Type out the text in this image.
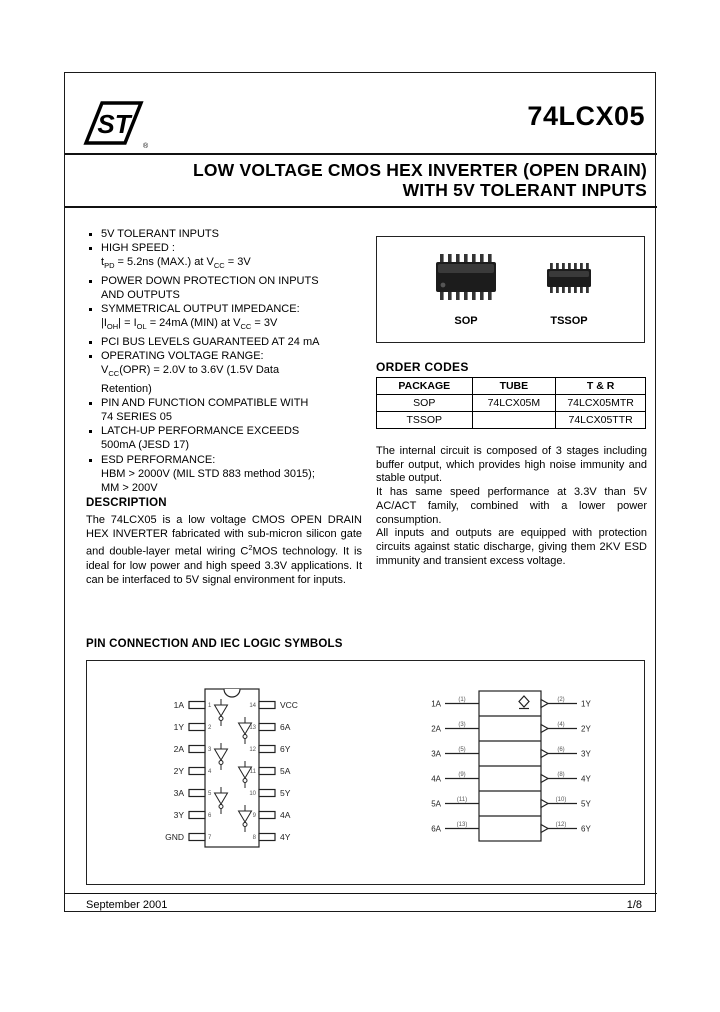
ST
®
74LCX05
LOW VOLTAGE CMOS HEX INVERTER (OPEN DRAIN)
WITH 5V TOLERANT INPUTS
5V TOLERANT INPUTS
HIGH SPEED :
$t_{PD} = 5.2ns$ (MAX.) at $V_{CC} = 3V$
POWER DOWN PROTECTION ON INPUTS
AND OUTPUTS
SYMMETRICAL OUTPUT IMPEDANCE:
$|I_{OH}| = I_{OL} = 24mA$ (MIN) at $V_{CC} = 3V$
PCI BUS LEVELS GUARANTEED AT 24 mA
OPERATING VOLTAGE RANGE:
$V_{CC}(OPR) = 2.0V$ to 3.6V (1.5V Data
Retention)
PIN AND FUNCTION COMPATIBLE WITH
74 SERIES 05
LATCH-UP PERFORMANCE EXCEEDS
500mA (JESD 17)
ESD PERFORMANCE:
HBM > 2000V (MIL STD 883 method 3015);
MM > 200V
DESCRIPTION
The 74LCX05 is a low voltage CMOS OPEN DRAIN HEX INVERTER fabricated with sub-micron silicon gate and double-layer metal wiring $C^2MOS$ technology. It is ideal for low power and high speed 3.3V applications. It can be interfaced to 5V signal environment for inputs.
SOP	TSSOP
ORDER CODES
PACKAGE	TUBE	T & R
SOP	74LCX05M	74LCX05MTR
TSSOP		74LCX05TTR

The internal circuit is composed of 3 stages including buffer output, which provides high noise immunity and stable output.

It has same speed performance at 3.3V than 5V AC/ACT family, combined with a lower power consumption.

All inputs and outputs are equipped with protection circuits against static discharge, giving them 2KV ESD immunity and transient excess voltage.

PIN CONNECTION AND IEC LOGIC SYMBOLS
1A
1Y
2A
2Y
3A
3Y
GND
VCC
6A
6Y
5A
5Y
4A
4Y
1
2
3
4
5
6
7
14
13
12
11
10
9
8
1A
2A
3A
4A
5A
6A
(1)
(3)
(5)
(9)
(11)
(13)
(2)
(4)
(6)
(8)
(10)
(12)
1Y
2Y
3Y
4Y
5Y
6Y
September 2001	1/8
